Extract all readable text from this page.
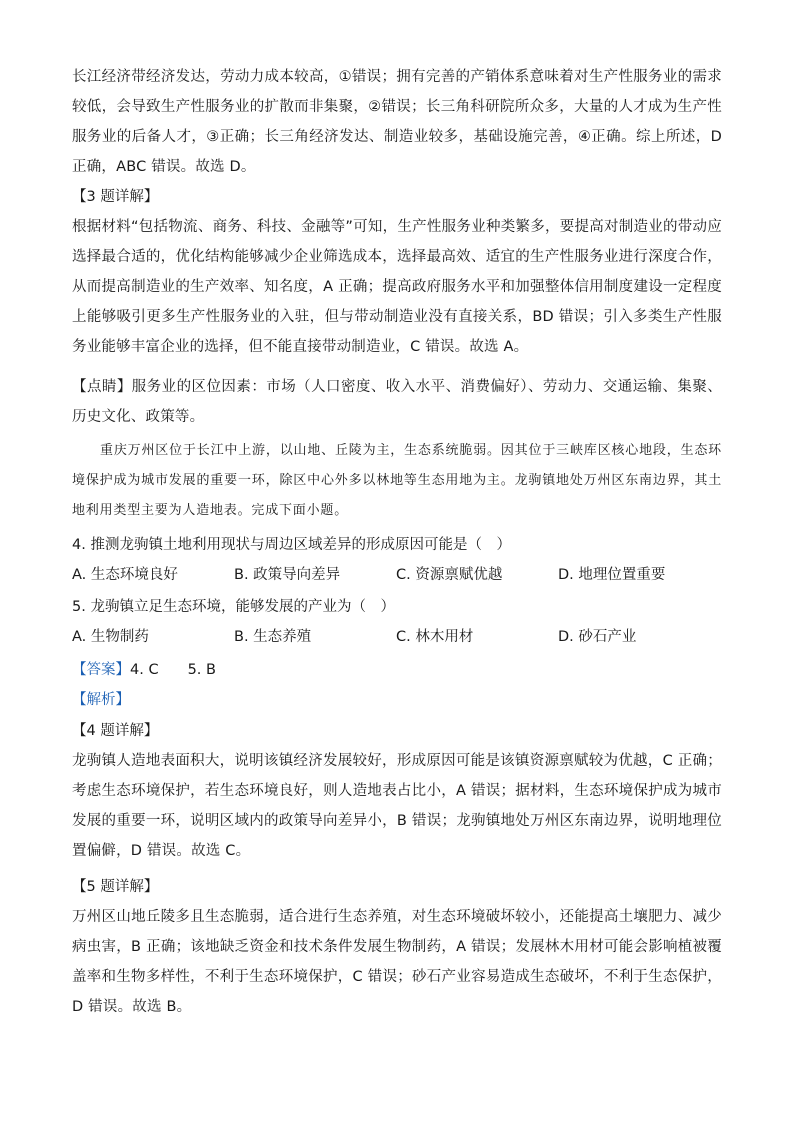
长江经济带经济发达，劳动力成本较高，①错误；拥有完善的产销体系意味着对生产性服务业的需求较低，会导致生产性服务业的扩散而非集聚，②错误；长三角科研院所众多，大量的人才成为生产性服务业的后备人才，③正确；长三角经济发达、制造业较多，基础设施完善，④正确。综上所述，D正确，ABC 错误。故选 D。

【3 题详解】

根据材料“包括物流、商务、科技、金融等”可知，生产性服务业种类繁多，要提高对制造业的带动应选择最合适的，优化结构能够减少企业筛选成本，选择最高效、适宜的生产性服务业进行深度合作，从而提高制造业的生产效率、知名度，A 正确；提高政府服务水平和加强整体信用制度建设一定程度上能够吸引更多生产性服务业的入驻，但与带动制造业没有直接关系，BD 错误；引入多类生产性服务业能够丰富企业的选择，但不能直接带动制造业，C 错误。故选 A。

【点睛】服务业的区位因素：市场（人口密度、收入水平、消费偏好）、劳动力、交通运输、集聚、历史文化、政策等。

重庆万州区位于长江中上游，以山地、丘陵为主，生态系统脆弱。因其位于三峡库区核心地段，生态环境保护成为城市发展的重要一环，除区中心外多以林地等生态用地为主。龙驹镇地处万州区东南边界，其土地利用类型主要为人造地表。完成下面小题。

4. 推测龙驹镇土地利用现状与周边区域差异的形成原因可能是（　）

A. 生态环境良好	B. 政策导向差异	C. 资源禀赋优越	D. 地理位置重要

5. 龙驹镇立足生态环境，能够发展的产业为（　）

A. 生物制药	B. 生态养殖	C. 林木用材	D. 砂石产业

【答案】4. C　　5. B

【解析】

【4 题详解】

龙驹镇人造地表面积大，说明该镇经济发展较好，形成原因可能是该镇资源禀赋较为优越，C 正确；考虑生态环境保护，若生态环境良好，则人造地表占比小，A 错误；据材料，生态环境保护成为城市发展的重要一环，说明区域内的政策导向差异小，B 错误；龙驹镇地处万州区东南边界，说明地理位置偏僻，D 错误。故选 C。

【5 题详解】

万州区山地丘陵多且生态脆弱，适合进行生态养殖，对生态环境破坏较小，还能提高土壤肥力、减少病虫害，B 正确；该地缺乏资金和技术条件发展生物制药，A 错误；发展林木用材可能会影响植被覆盖率和生物多样性，不利于生态环境保护，C 错误；砂石产业容易造成生态破坏，不利于生态保护，D 错误。故选 B。
